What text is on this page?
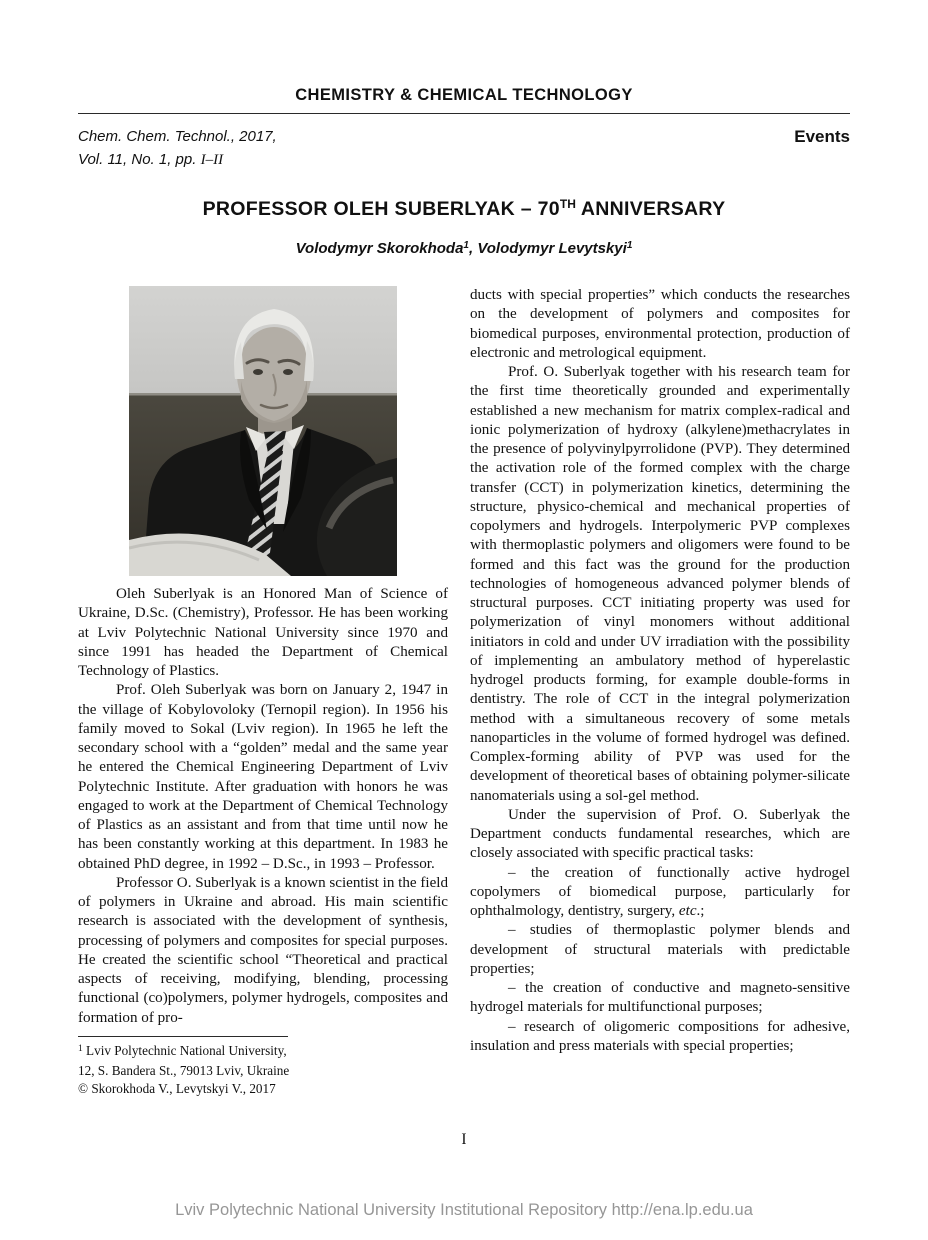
CHEMISTRY & CHEMICAL TECHNOLOGY
Chem. Chem. Technol., 2017,
Vol. 11, No. 1, pp. I–II
Events
PROFESSOR OLEH SUBERLYAK – 70TH ANNIVERSARY
Volodymyr Skorokhoda$^1$, Volodymyr Levytskyi$^1$

Oleh Suberlyak is an Honored Man of Science of Ukraine, D.Sc. (Chemistry), Professor. He has been working at Lviv Polytechnic National University since 1970 and since 1991 has headed the Department of Chemical Technology of Plastics.

Prof. Oleh Suberlyak was born on January 2, 1947 in the village of Kobylovoloky (Ternopil region). In 1956 his family moved to Sokal (Lviv region). In 1965 he left the secondary school with a “golden” medal and the same year he entered the Chemical Engineering Department of Lviv Polytechnic Institute. After graduation with honors he was engaged to work at the Department of Chemical Technology of Plastics as an assistant and from that time until now he has been constantly working at this department. In 1983 he obtained PhD degree, in 1992 – D.Sc., in 1993 – Professor.

Professor O. Suberlyak is a known scientist in the field of polymers in Ukraine and abroad. His main scientific research is associated with the development of synthesis, processing of polymers and composites for special purposes. He created the scientific school “Theoretical and practical aspects of receiving, modifying, blending, processing functional (co)polymers, polymer hydrogels, composites and formation of pro-

$^1$ Lviv Polytechnic National University,
12, S. Bandera St., 79013 Lviv, Ukraine
© Skorokhoda V., Levytskyi V., 2017

ducts with special properties” which conducts the researches on the development of polymers and composites for biomedical purposes, environmental protection, production of electronic and metrological equipment.

Prof. O. Suberlyak together with his research team for the first time theoretically grounded and experimentally established a new mechanism for matrix complex-radical and ionic polymerization of hydroxy (alkylene)methacrylates in the presence of polyvinylpyrrolidone (PVP). They determined the activation role of the formed complex with the charge transfer (CCT) in polymerization kinetics, determining the structure, physico-chemical and mechanical properties of copolymers and hydrogels. Interpolymeric PVP complexes with thermoplastic polymers and oligomers were found to be formed and this fact was the ground for the production technologies of homogeneous advanced polymer blends of structural purposes. CCT initiating property was used for polymerization of vinyl monomers without additional initiators in cold and under UV irradiation with the possibility of implementing an ambulatory method of hyperelastic hydrogel products forming, for example double-forms in dentistry. The role of CCT in the integral polymerization method with a simultaneous recovery of some metals nanoparticles in the volume of formed hydrogel was defined. Complex-forming ability of PVP was used for the development of theoretical bases of obtaining polymer-silicate nanomaterials using a sol-gel method.

Under the supervision of Prof. O. Suberlyak the Department conducts fundamental researches, which are closely associated with specific practical tasks:

– the creation of functionally active hydrogel copolymers of biomedical purpose, particularly for ophthalmology, dentistry, surgery, etc.;

– studies of thermoplastic polymer blends and development of structural materials with predictable properties;

– the creation of conductive and magneto-sensitive hydrogel materials for multifunctional purposes;

– research of oligomeric compositions for adhesive, insulation and press materials with special properties;

I
Lviv Polytechnic National University Institutional Repository http://ena.lp.edu.ua
